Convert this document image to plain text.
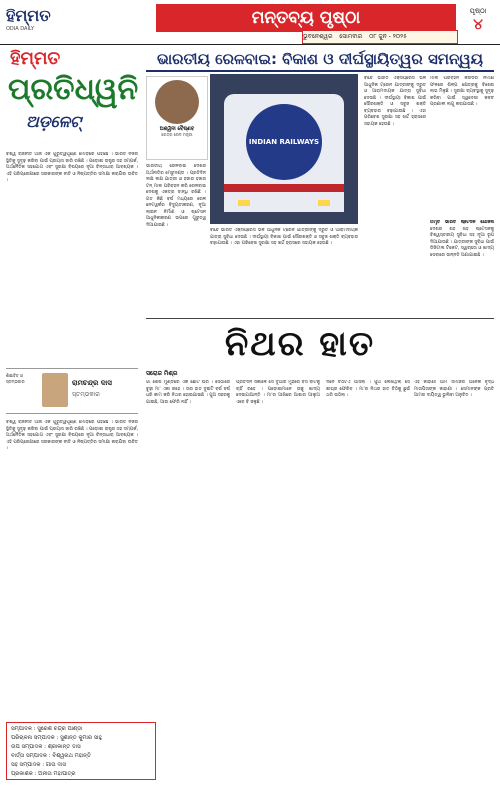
ହିମ୍ମତ
ODIA DAILY
ମନ୍ତବ୍ୟ ପୃଷ୍ଠା
ଭୁବନେଶ୍ୱର ସୋମବାର ୦୮ ଜୁନ - ୨୦୨୫
ପୃଷ୍ଠା
୪
ହିମ୍ମତ
ପ୍ରତିଧ୍ୱନି
ଅଡ଼ଳେଟ୍
ବିଶ୍ୱ ରାଜନୀତି ଆଜି ଏକ ଗୁରୁତ୍ୱପୂର୍ଣ୍ଣ ମୋଡ଼ରେ ପହଞ୍ଚିଛି । ଭାରତ ନିଜର ସ୍ଥିତିକୁ ସୁଦୃଢ଼ କରିବା ପାଇଁ ପ୍ରୟାସ ଜାରି ରଖିଛି । ପଡ଼ୋଶୀ ରାଷ୍ଟ୍ର ସହ ସମ୍ପର୍କ, ଅର୍ଥନୈତିକ ସହଯୋଗ ଏବଂ ସୁରକ୍ଷା ବିଷୟରେ ନୂଆ ଚିନ୍ତାଧାରା ଆବଶ୍ୟକ । ଏହି ପରିପ୍ରେକ୍ଷୀରେ ସରକାରଙ୍କ ନୀତି ଓ ନିଷ୍ପତ୍ତିର ସମୀକ୍ଷା କରାଯିବା ଉଚିତ ।
ଶିକ୍ଷାବିତ୍ ଓ ସ୍ତମ୍ଭକାର	ରାମଚନ୍ଦ୍ର ଦାସ
ସ୍ତମ୍ଭକାର
ବିଶ୍ୱ ରାଜନୀତି ଆଜି ଏକ ଗୁରୁତ୍ୱପୂର୍ଣ୍ଣ ମୋଡ଼ରେ ପହଞ୍ଚିଛି । ଭାରତ ନିଜର ସ୍ଥିତିକୁ ସୁଦୃଢ଼ କରିବା ପାଇଁ ପ୍ରୟାସ ଜାରି ରଖିଛି । ପଡ଼ୋଶୀ ରାଷ୍ଟ୍ର ସହ ସମ୍ପର୍କ, ଅର୍ଥନୈତିକ ସହଯୋଗ ଏବଂ ସୁରକ୍ଷା ବିଷୟରେ ନୂଆ ଚିନ୍ତାଧାରା ଆବଶ୍ୟକ । ଏହି ପରିପ୍ରେକ୍ଷୀରେ ସରକାରଙ୍କ ନୀତି ଓ ନିଷ୍ପତ୍ତିର ସମୀକ୍ଷା କରାଯିବା ଉଚିତ ।
ଭାରତୀୟ ରେଳବାଇ: ବିକାଶ ଓ ଦୀର୍ଘସ୍ଥାୟିତ୍ୱର ସମନ୍ୱୟ
ଅଶ୍ୱିନୀ ବୈଷ୍ଣବ
କେନ୍ଦ୍ର ରେଳ ମନ୍ତ୍ରୀ
ଭାରତୀୟ ରେଳବାଇ ଦେଶର ଅର୍ଥନୀତିର ମେରୁଦଣ୍ଡ । ପ୍ରତିଦିନ ଲକ୍ଷ ଲକ୍ଷ ଯାତ୍ରୀ ଓ ହଜାର ହଜାର ଟନ୍ ମାଲ ପରିବହନ କରି ରେଳବାଇ ଦେଶକୁ ଏକତ୍ର ବାନ୍ଧି ରଖିଛି । ଗତ କିଛି ବର୍ଷ ମଧ୍ୟରେ ରେଳ ନେଟୱର୍କର ବିଦ୍ୟୁତୀକରଣ, ନୂଆ ଲାଇନ ନିର୍ମାଣ ଓ ଷ୍ଟେସନ ଆଧୁନିକୀକରଣ ଉପରେ ଗୁରୁତ୍ୱ ଦିଆଯାଇଛି ।
INDIAN RAILWAYS
ବନ୍ଦେ ଭାରତ ଏକ୍ସପ୍ରେସ ଭଳି ଆଧୁନିକ ଟ୍ରେନ ଯାତ୍ରୀଙ୍କୁ ଦ୍ରୁତ ଓ ଆରାମଦାୟକ ଯାତ୍ରା ସୁବିଧା ଦେଉଛି । ଦୀର୍ଘସ୍ଥାୟୀ ବିକାଶ ପାଇଁ ସୌରଶକ୍ତି ଓ ସବୁଜ ଶକ୍ତି ବ୍ୟବହାର ବଢ଼ାଯାଉଛି । ଏହା ପରିବେଶ ସୁରକ୍ଷା ସହ ଖର୍ଚ୍ଚ ହ୍ରାସରେ ସହାୟକ ହେଉଛି ।
ମାଲ ପରିବହନ କରିଡର ନିର୍ମାଣ ଫଳରେ ଶିଳ୍ପ କ୍ଷେତ୍ରକୁ ବିଶେଷ ଲାଭ ମିଳୁଛି । ସୁରକ୍ଷା ବ୍ୟବସ୍ଥାକୁ ସୁଦୃଢ଼ କରିବା ପାଇଁ ସ୍ୱଦେଶୀ କବଚ ପ୍ରଣାଳୀ ଲାଗୁ କରାଯାଉଛି ।
ଅମୃତ ଭାରତ ଷ୍ଟେସନ ଯୋଜନା ଦେଶର ଶହ ଶହ ଷ୍ଟେସନକୁ ବିଶ୍ୱସ୍ତରୀୟ ସୁବିଧା ସହ ନୂଆ ରୂପ ଦିଆଯାଉଛି । ଯାତ୍ରୀଙ୍କ ସୁବିଧା ପାଇଁ ଡିଜିଟାଲ ଟିକେଟ, ସ୍ୱଚ୍ଛତା ଓ ଖାଦ୍ୟ ସେବାରେ ଉନ୍ନତି ଅଣାଯାଇଛି ।
ବନ୍ଦେ ଭାରତ ଏକ୍ସପ୍ରେସ ଭଳି ଆଧୁନିକ ଟ୍ରେନ ଯାତ୍ରୀଙ୍କୁ ଦ୍ରୁତ ଓ ଆରାମଦାୟକ ଯାତ୍ରା ସୁବିଧା ଦେଉଛି । ଦୀର୍ଘସ୍ଥାୟୀ ବିକାଶ ପାଇଁ ସୌରଶକ୍ତି ଓ ସବୁଜ ଶକ୍ତି ବ୍ୟବହାର ବଢ଼ାଯାଉଛି । ଏହା ପରିବେଶ ସୁରକ୍ଷା ସହ ଖର୍ଚ୍ଚ ହ୍ରାସରେ ସହାୟକ ହେଉଛି ।
ନିଥର ହାତ
ସରୋଜ ମିଶ୍ର
ଗାଁ ଶେଷ ମୁଣ୍ଡରେ ଏକ ଛୋଟ ଘର । ସେଠାରେ ବୁଢ଼ୀ ମା' ଏକା ରହେ । ତାର ହାତ ଦୁଇଟି ବର୍ଷ ବର୍ଷ ଧରି କାମ କରି ନିଥର ହୋଇଯାଇଛି । ପୁଅ ସହରକୁ ଯାଇଛି, ଆଉ ଫେରି ନାହିଁ ।
ପ୍ରତିଦିନ ସକାଳେ ସେ ଦୁଆର ମୁହଁରେ ବସି ବାଟକୁ ଚାହିଁ ରହେ । ପଡ଼ୋଶୀମାନେ ତାକୁ ଖାଦ୍ୟ ଦେଇଯାଆନ୍ତି । ମା'ର ଆଖିରେ ଆଶାର ଆଲୁଅ ଏବେ ବି ଜଳୁଛି ।
ଦିନେ ଚିଠିଟିଏ ଆସିଲା । ପୁଅ ଲେଖିଥିଲା ସେ ଶୀଘ୍ର ଫେରିବ । ମା'ର ନିଥର ହାତ ଚିଠିକୁ ଛୁଇଁ ଥରି ଉଠିଲା ।
ଏହି କାହାଣୀ ଆମ ସମାଜର ଅନେକ ବୃଦ୍ଧ ମାତାପିତାଙ୍କ କାହାଣୀ । ସେମାନଙ୍କ ପ୍ରତି ଆମର ଦାୟିତ୍ୱ ଭୁଲିବା ଅନୁଚିତ ।
ସମ୍ପାଦକ : ସୁରେଶ ଚନ୍ଦ୍ର ପାଣ୍ଡା
ପରିଚାଳନା ସମ୍ପାଦକ : ସୁଶାନ୍ତ କୁମାର ସାହୁ
ଉପ ସମ୍ପାଦକ : ଶ୍ରୀକାନ୍ତ ଦାସ
ବାର୍ତ୍ତା ସମ୍ପାଦକ : ବିଶ୍ୱନାଥ ମହାନ୍ତି
ସହ ସମ୍ପାଦକ : ଗୀତା ଦାସ
ପ୍ରକାଶକ : ଅନୀତା ମହାପାତ୍ର
